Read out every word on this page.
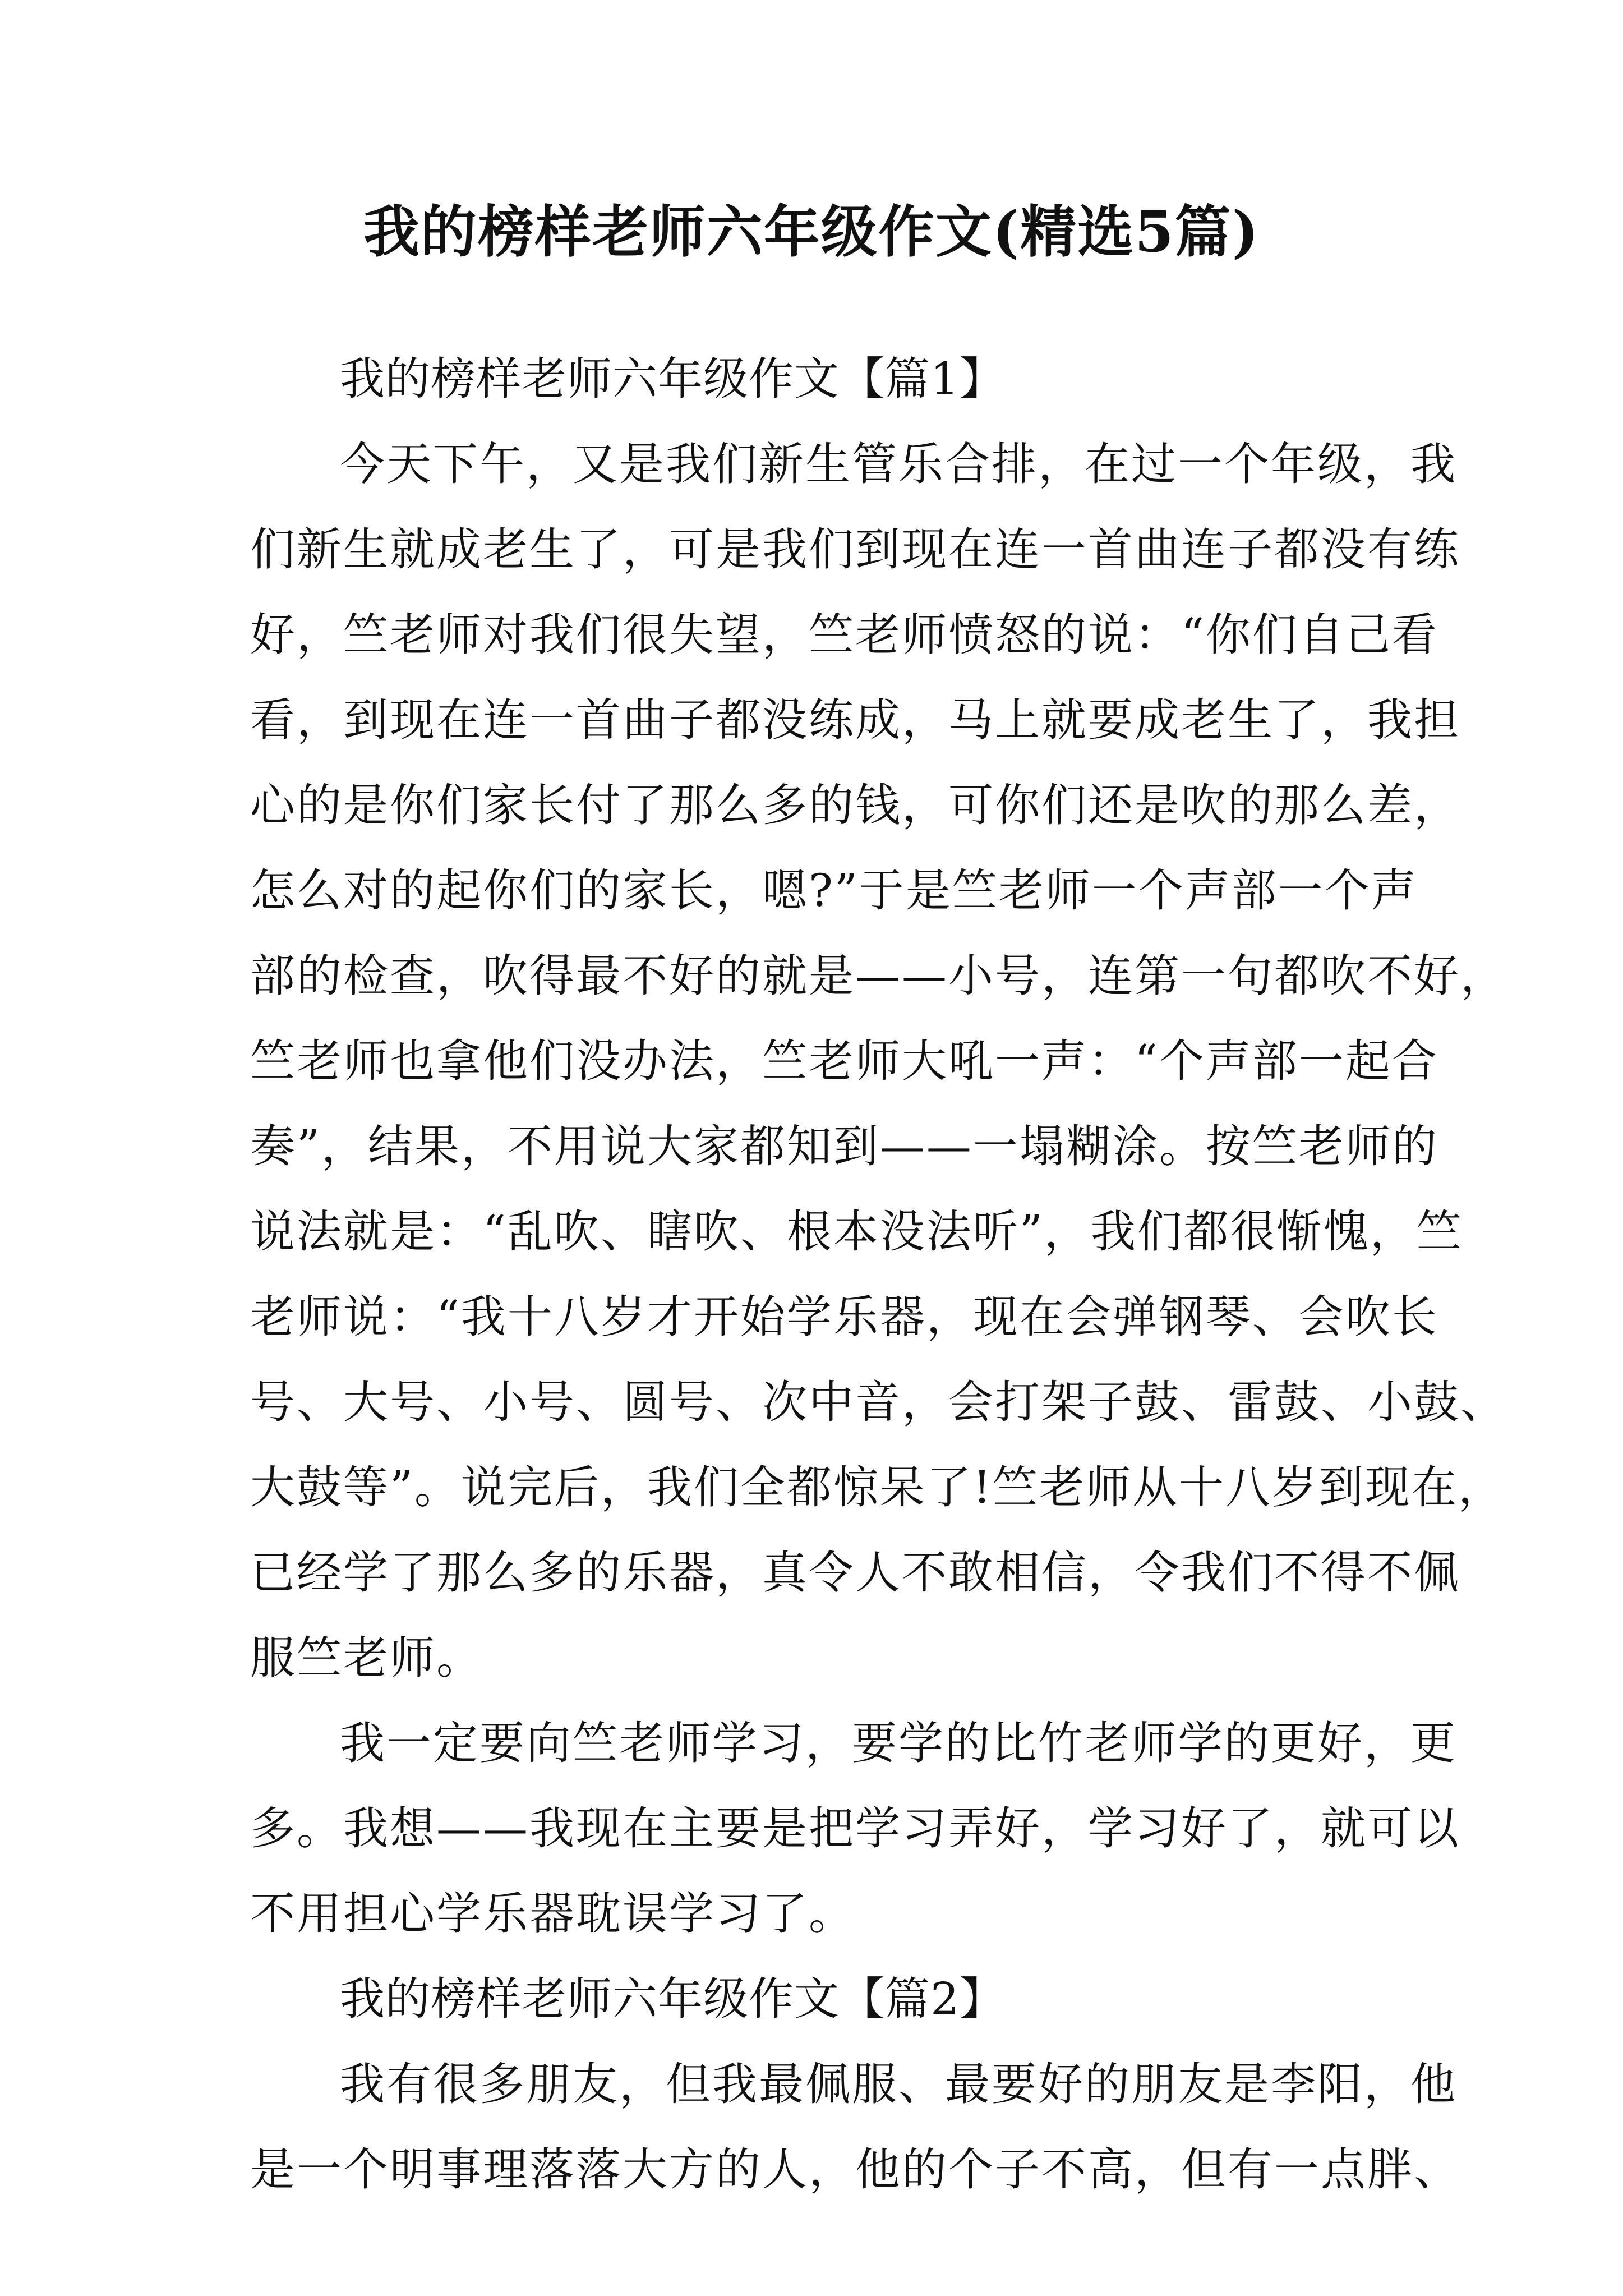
我的榜样老师六年级作文(精选5篇)
我的榜样老师六年级作文【篇1】
今天下午，又是我们新生管乐合排，在过一个年级，我
们新生就成老生了，可是我们到现在连一首曲连子都没有练
好，竺老师对我们很失望，竺老师愤怒的说：“你们自己看
看，到现在连一首曲子都没练成，马上就要成老生了，我担
心的是你们家长付了那么多的钱，可你们还是吹的那么差，
怎么对的起你们的家长，嗯?”于是竺老师一个声部一个声
部的检查，吹得最不好的就是——小号，连第一句都吹不好，
竺老师也拿他们没办法，竺老师大吼一声：“个声部一起合
奏”，结果，不用说大家都知到——一塌糊涂。按竺老师的
说法就是：“乱吹、瞎吹、根本没法听”，我们都很惭愧，竺
老师说：“我十八岁才开始学乐器，现在会弹钢琴、会吹长
号、大号、小号、圆号、次中音，会打架子鼓、雷鼓、小鼓、
大鼓等”。说完后，我们全都惊呆了!竺老师从十八岁到现在，
已经学了那么多的乐器，真令人不敢相信，令我们不得不佩
服竺老师。
我一定要向竺老师学习，要学的比竹老师学的更好，更
多。我想——我现在主要是把学习弄好，学习好了，就可以
不用担心学乐器耽误学习了。
我的榜样老师六年级作文【篇2】
我有很多朋友，但我最佩服、最要好的朋友是李阳，他
是一个明事理落落大方的人，他的个子不高，但有一点胖、
